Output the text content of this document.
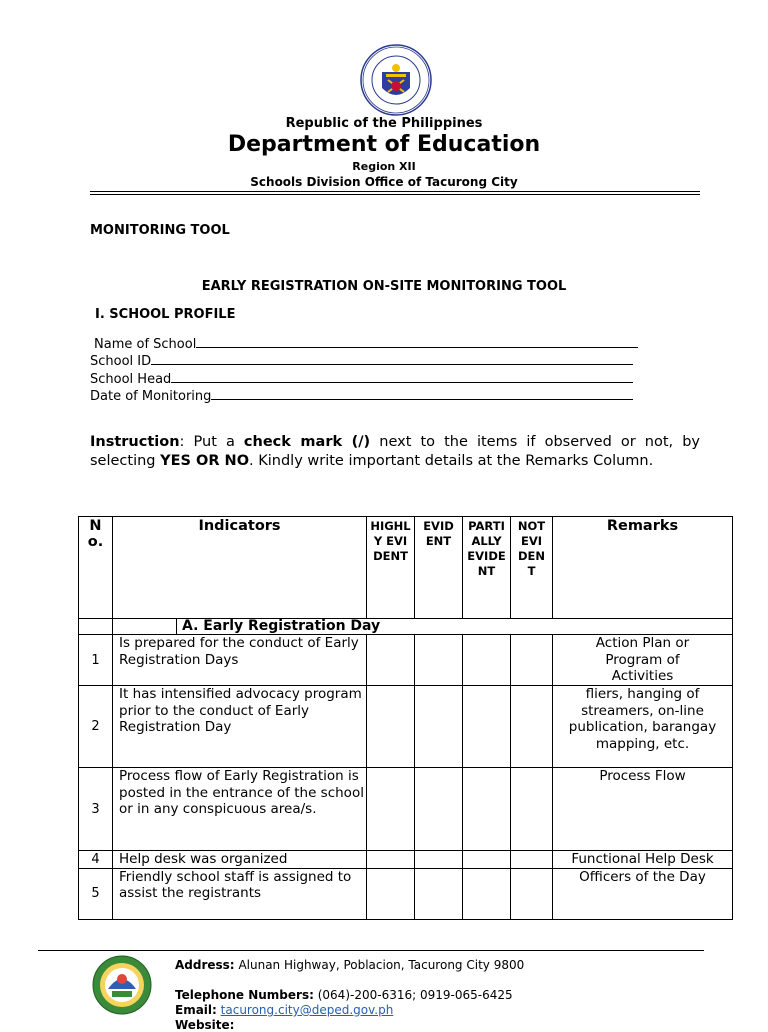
Republic of the Philippines
Department of Education
Region XII
Schools Division Office of Tacurong City
MONITORING TOOL
EARLY REGISTRATION ON-SITE MONITORING TOOL
I. SCHOOL PROFILE
Name of School
School ID
School Head
Date of Monitoring
Instruction: Put a check mark (/) next to the items if observed or not, by selecting YES OR NO. Kindly write important details at the Remarks Column.
No.	Indicators		HIGHLY EVIDENT	EVIDENT	PARTIALLY EVIDENT	NOT EVIDENT	Remarks
		A. Early Registration Day					
1	Is prepared for the conduct of Early Registration Days						Action Plan or Program of Activities
2	It has intensified advocacy program prior to the conduct of Early Registration Day						fliers, hanging of streamers, on-line publication, barangay mapping, etc.
3	Process flow of Early Registration is posted in the entrance of the school or in any conspicuous area/s.						Process Flow
4	Help desk was organized						Functional Help Desk
5	Friendly school staff is assigned to assist the registrants						Officers of the Day
Address: Alunan Highway, Poblacion, Tacurong City 9800
Telephone Numbers: (064)-200-6316; 0919-065-6425
Email: tacurong.city@deped.gov.ph
Website:
